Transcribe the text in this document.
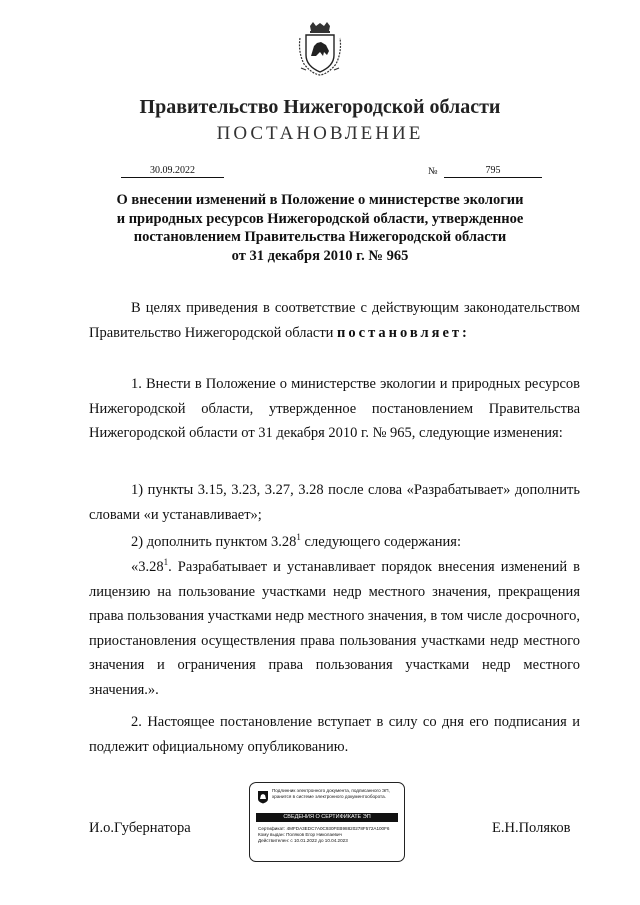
Правительство Нижегородской области
ПОСТАНОВЛЕНИЕ
30.09.2022	№	795
О внесении изменений в Положение о министерстве экологии
и природных ресурсов Нижегородской области, утвержденное
постановлением Правительства Нижегородской области
от 31 декабря 2010 г. № 965
В целях приведения в соответствие с действующим законодательством Правительство Нижегородской области постановляет:
1. Внести в Положение о министерстве экологии и природных ресурсов Нижегородской области, утвержденное постановлением Правительства Нижегородской области от 31 декабря 2010 г. № 965, следующие изменения:
1) пункты 3.15, 3.23, 3.27, 3.28 после слова «Разрабатывает» дополнить словами «и устанавливает»;
2) дополнить пунктом 3.28$^1$ следующего содержания:
«3.28$^1$. Разрабатывает и устанавливает порядок внесения изменений в лицензию на пользование участками недр местного значения, прекращения права пользования участками недр местного значения, в том числе досрочного, приостановления осуществления права пользования участками недр местного значения и ограничения права пользования участками недр местного значения.».
2. Настоящее постановление вступает в силу со дня его подписания и подлежит официальному опубликованию.
И.о.Губернатора	Е.Н.Поляков
Подлинник электронного документа, подписанного ЭП, хранится в системе электронного документооборота.
СВЕДЕНИЯ О СЕРТИФИКАТЕ ЭП
Сертификат: 4MFDA3EDC7A0C930FEB98820278F572A100F6
Кому выдан: Поляков Егор Николаевич
Действителен: с 10.01.2022 до 10.04.2023
